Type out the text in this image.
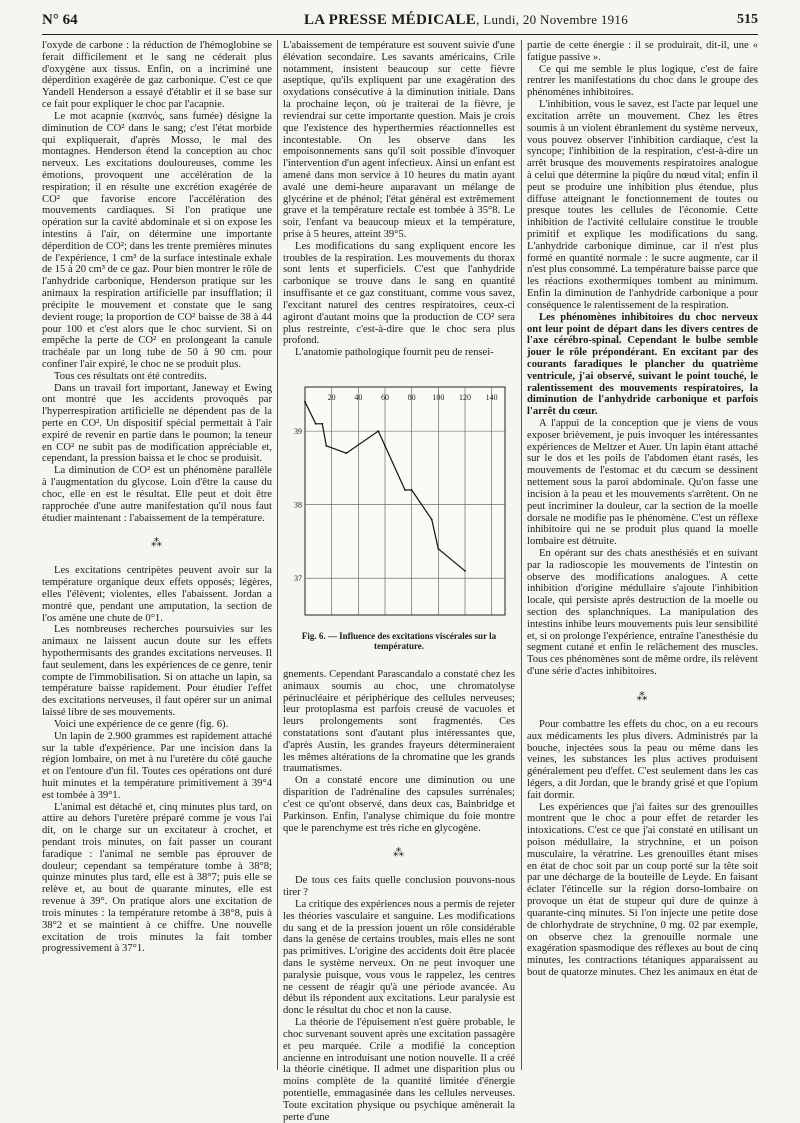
N° 64	LA PRESSE MÉDICALE, Lundi, 20 Novembre 1916	515

l'oxyde de carbone : la réduction de l'hémoglobine se ferait difficilement et le sang ne céderait plus d'oxygène aux tissus. Enfin, on a incriminé une déperdition exagérée de gaz carbonique. C'est ce que Yandell Henderson a essayé d'établir et il se base sur ce fait pour expliquer le choc par l'acapnie.

Le mot acapnie (καπνός, sans fumée) désigne la diminution de CO² dans le sang; c'est l'état morbide qui expliquerait, d'après Mosso, le mal des montagnes. Henderson étend la conception au choc nerveux. Les excitations douloureuses, comme les émotions, provoquent une accélération de la respiration; il en résulte une excrétion exagérée de CO² que favorise encore l'accélération des mouvements cardiaques. Si l'on pratique une opération sur la cavité abdominale et si on expose les intestins à l'air, on détermine une importante déperdition de CO²; dans les trente premières minutes de l'expérience, 1 cm³ de la surface intestinale exhale de 15 à 20 cm³ de ce gaz. Pour bien montrer le rôle de l'anhydride carbonique, Henderson pratique sur les animaux la respiration artificielle par insufflation; il précipite le mouvement et constate que le sang devient rouge; la proportion de CO² baisse de 38 à 44 pour 100 et c'est alors que le choc survient. Si on empêche la perte de CO² en prolongeant la canule trachéale par un long tube de 50 à 90 cm. pour confiner l'air expiré, le choc ne se produit plus.

Tous ces résultats ont été contredits.

Dans un travail fort important, Janeway et Ewing ont montré que les accidents provoqués par l'hyperrespiration artificielle ne dépendent pas de la perte en CO². Un dispositif spécial permettait à l'air expiré de revenir en partie dans le poumon; la teneur en CO² ne subit pas de modification appréciable et, cependant, la pression baissa et le choc se produisit.

La diminution de CO² est un phénomène parallèle à l'augmentation du glycose. Loin d'être la cause du choc, elle en est le résultat. Elle peut et doit être rapprochée d'une autre manifestation qu'il nous faut étudier maintenant : l'abaissement de la température.

⁂

Les excitations centripètes peuvent avoir sur la température organique deux effets opposés; légères, elles l'élèvent; violentes, elles l'abaissent. Jordan a montré que, pendant une amputation, la section de l'os amène une chute de 0°1.

Les nombreuses recherches poursuivies sur les animaux ne laissent aucun doute sur les effets hypothermisants des grandes excitations nerveuses. Il faut seulement, dans les expériences de ce genre, tenir compte de l'immobilisation. Si on attache un lapin, sa température baisse rapidement. Pour étudier l'effet des excitations nerveuses, il faut opérer sur un animal laissé libre de ses mouvements.

Voici une expérience de ce genre (fig. 6).

Un lapin de 2.900 grammes est rapidement attaché sur la table d'expérience. Par une incision dans la région lombaire, on met à nu l'uretère du côté gauche et on l'entoure d'un fil. Toutes ces opérations ont duré huit minutes et la température primitivement à 39°4 est tombée à 39°1.

L'animal est détaché et, cinq minutes plus tard, on attire au dehors l'uretère préparé comme je vous l'ai dit, on le charge sur un excitateur à crochet, et pendant trois minutes, on fait passer un courant faradique : l'animal ne semble pas éprouver de douleur; cependant sa température tombe à 38°8; quinze minutes plus tard, elle est à 38°7; puis elle se relève et, au bout de quarante minutes, elle est revenue à 39°. On pratique alors une excitation de trois minutes : la température retombe à 38°8, puis à 38°2 et se maintient à ce chiffre. Une nouvelle excitation de trois minutes la fait tomber progressivement à 37°1.

L'abaissement de température est souvent suivie d'une élévation secondaire. Les savants américains, Crile notamment, insistent beaucoup sur cette fièvre aseptique, qu'ils expliquent par une exagération des oxydations consécutive à la diminution initiale. Dans la prochaine leçon, où je traiterai de la fièvre, je reviendrai sur cette importante question. Mais je crois que l'existence des hyperthermies réactionnelles est incontestable. On les observe dans les empoisonnements sans qu'il soit possible d'invoquer l'intervention d'un agent infectieux. Ainsi un enfant est amené dans mon service à 10 heures du matin ayant avalé une demi-heure auparavant un mélange de glycérine et de phénol; l'état général est extrêmement grave et la température rectale est tombée à 35°8. Le soir, l'enfant va beaucoup mieux et la température, prise à 5 heures, atteint 39°5.

Les modifications du sang expliquent encore les troubles de la respiration. Les mouvements du thorax sont lents et superficiels. C'est que l'anhydride carbonique se trouve dans le sang en quantité insuffisante et ce gaz constituant, comme vous savez, l'excitant naturel des centres respiratoires, ceux-ci agiront d'autant moins que la production de CO² sera plus restreinte, c'est-à-dire que le choc sera plus profond.

L'anatomie pathologique fournit peu de rensei-

20 40 60 80 100 120 140
39
38
37
Fig. 6. — Influence des excitations viscérales sur la température.

gnements. Cependant Parascandalo a constaté chez les animaux soumis au choc, une chromatolyse périnucléaire et périphérique des cellules nerveuses; leur protoplasma est parfois creusé de vacuoles et leurs prolongements sont fragmentés. Ces constatations sont d'autant plus intéressantes que, d'après Austin, les grandes frayeurs détermineraient les mêmes altérations de la chromatine que les grands traumatismes.

On a constaté encore une diminution ou une disparition de l'adrénaline des capsules surrénales; c'est ce qu'ont observé, dans deux cas, Bainbridge et Parkinson. Enfin, l'analyse chimique du foie montre que le parenchyme est très riche en glycogène.

⁂

De tous ces faits quelle conclusion pouvons-nous tirer ?

La critique des expériences nous a permis de rejeter les théories vasculaire et sanguine. Les modifications du sang et de la pression jouent un rôle considérable dans la genèse de certains troubles, mais elles ne sont pas primitives. L'origine des accidents doit être placée dans le système nerveux. On ne peut invoquer une paralysie puisque, vous vous le rappelez, les centres ne cessent de réagir qu'à une période avancée. Au début ils répondent aux excitations. Leur paralysie est donc le résultat du choc et non la cause.

La théorie de l'épuisement n'est guère probable, le choc survenant souvent après une excitation passagère et peu marquée. Crile a modifié la conception ancienne en introduisant une notion nouvelle. Il a créé la théorie cinétique. Il admet une disparition plus ou moins complète de la quantité limitée d'énergie potentielle, emmagasinée dans les cellules nerveuses. Toute excitation physique ou psychique amènerait la perte d'une

partie de cette énergie : il se produirait, dit-il, une « fatigue passive ».

Ce qui me semble le plus logique, c'est de faire rentrer les manifestations du choc dans le groupe des phénomènes inhibitoires.

L'inhibition, vous le savez, est l'acte par lequel une excitation arrête un mouvement. Chez les êtres soumis à un violent ébranlement du système nerveux, vous pouvez observer l'inhibition cardiaque, c'est la syncope; l'inhibition de la respiration, c'est-à-dire un arrêt brusque des mouvements respiratoires analogue à celui que détermine la piqûre du nœud vital; enfin il peut se produire une inhibition plus étendue, plus diffuse atteignant le fonctionnement de toutes ou presque toutes les cellules de l'économie. Cette inhibition de l'activité cellulaire constitue le trouble primitif et explique les modifications du sang. L'anhydride carbonique diminue, car il n'est plus formé en quantité normale : le sucre augmente, car il n'est plus consommé. La température baisse parce que les réactions exothermiques tombent au minimum. Enfin la diminution de l'anhydride carbonique a pour conséquence le ralentissement de la respiration.

Les phénomènes inhibitoires du choc nerveux ont leur point de départ dans les divers centres de l'axe cérébro-spinal. Cependant le bulbe semble jouer le rôle prépondérant. En excitant par des courants faradiques le plancher du quatrième ventricule, j'ai observé, suivant le point touché, le ralentissement des mouvements respiratoires, la diminution de l'anhydride carbonique et parfois l'arrêt du cœur.

A l'appui de la conception que je viens de vous exposer brièvement, je puis invoquer les intéressantes expériences de Meltzer et Auer. Un lapin étant attaché sur le dos et les poils de l'abdomen étant rasés, les mouvements de l'estomac et du cæcum se dessinent nettement sous la paroi abdominale. Qu'on fasse une incision à la peau et les mouvements s'arrêtent. On ne peut incriminer la douleur, car la section de la moelle dorsale ne modifie pas le phénomène. C'est un réflexe inhibitoire qui ne se produit plus quand la moelle lombaire est détruite.

En opérant sur des chats anesthésiés et en suivant par la radioscopie les mouvements de l'intestin on observe des modifications analogues. A cette inhibition d'origine médullaire s'ajoute l'inhibition locale, qui persiste après destruction de la moelle ou section des splanchniques. La manipulation des intestins inhibe leurs mouvements puis leur sensibilité et, si on prolonge l'expérience, entraîne l'anesthésie du segment cutané et enfin le relâchement des muscles. Tous ces phénomènes sont de même ordre, ils relèvent d'une série d'actes inhibitoires.

⁂

Pour combattre les effets du choc, on a eu recours aux médicaments les plus divers. Administrés par la bouche, injectées sous la peau ou même dans les veines, les substances les plus actives produisent généralement peu d'effet. C'est seulement dans les cas légers, a dit Jordan, que le brandy grisé et que l'opium fait dormir.

Les expériences que j'ai faites sur des grenouilles montrent que le choc a pour effet de retarder les intoxications. C'est ce que j'ai constaté en utilisant un poison médullaire, la strychnine, et un poison musculaire, la vératrine. Les grenouilles étant mises en état de choc soit par un coup porté sur la tête soit par une décharge de la bouteille de Leyde. En faisant éclater l'étincelle sur la région dorso-lombaire on provoque un état de stupeur qui dure de quinze à quarante-cinq minutes. Si l'on injecte une petite dose de chlorhydrate de strychnine, 0 mg. 02 par exemple, on observe chez la grenouille normale une exagération spasmodique des réflexes au bout de cinq minutes, les contractions tétaniques apparaissent au bout de quatorze minutes. Chez les animaux en état de
